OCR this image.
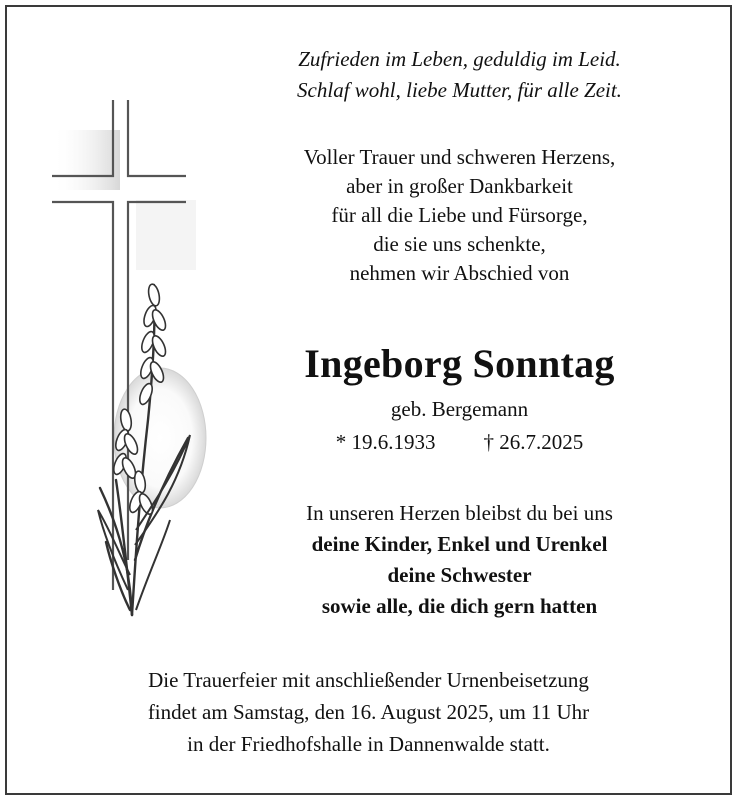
Zufrieden im Leben, geduldig im Leid.
Schlaf wohl, liebe Mutter, für alle Zeit.
Voller Trauer und schweren Herzens,
aber in großer Dankbarkeit
für all die Liebe und Fürsorge,
die sie uns schenkte,
nehmen wir Abschied von
Ingeborg Sonntag
geb. Bergemann
* 19.6.1933 † 26.7.2025
In unseren Herzen bleibst du bei uns
deine Kinder, Enkel und Urenkel
deine Schwester
sowie alle, die dich gern hatten
Die Trauerfeier mit anschließender Urnenbeisetzung
findet am Samstag, den 16. August 2025, um 11 Uhr
in der Friedhofshalle in Dannenwalde statt.
